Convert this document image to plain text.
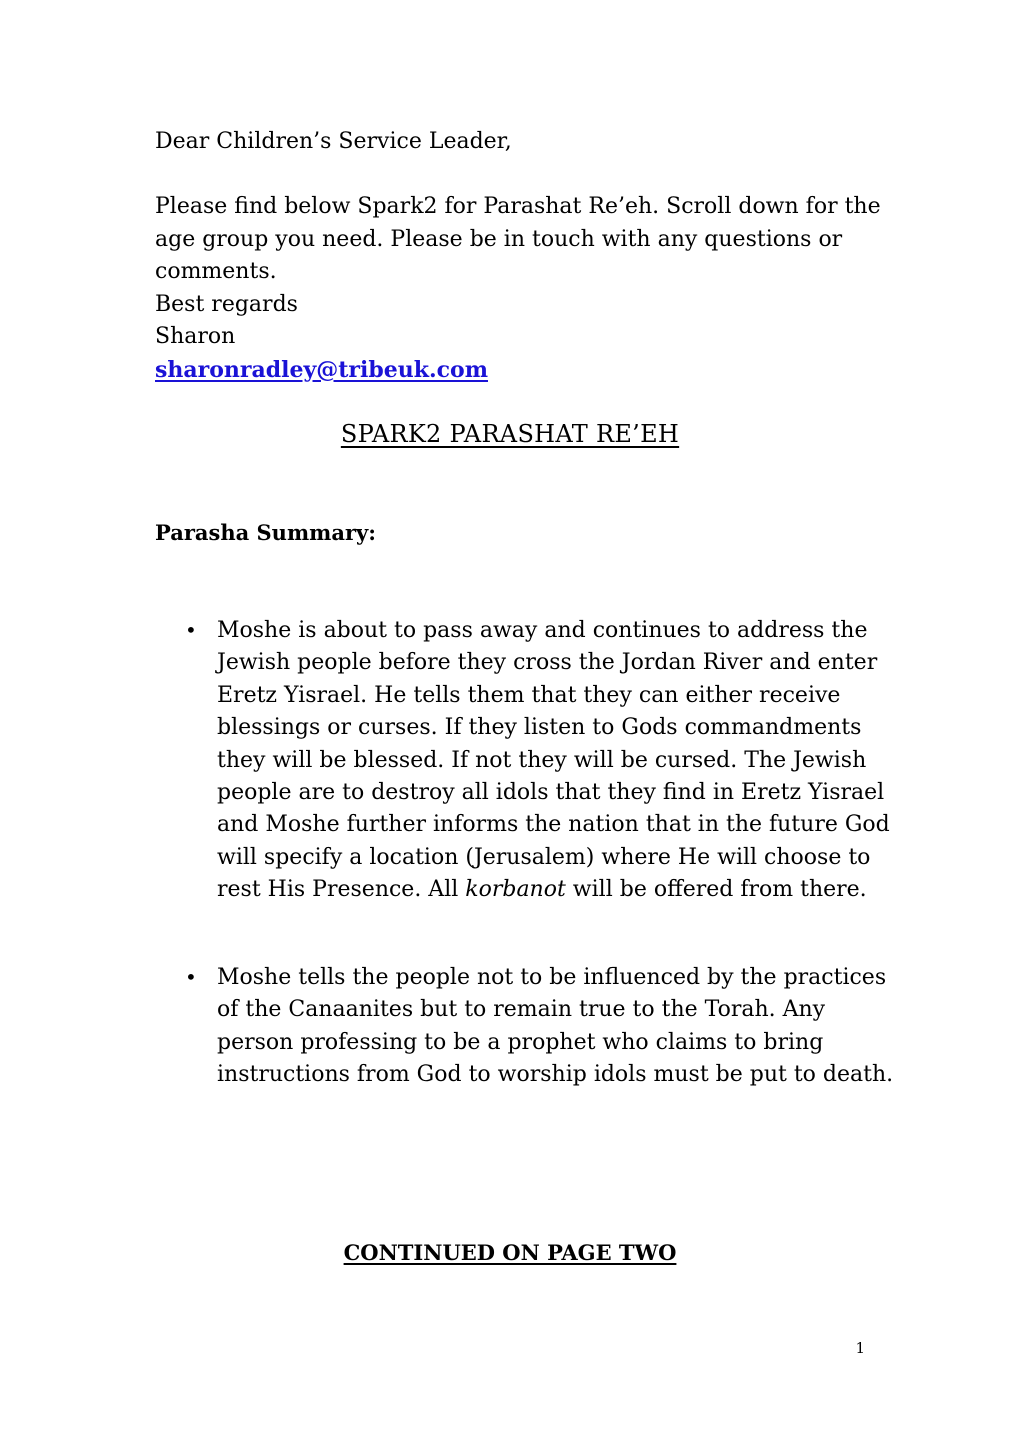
Dear Children’s Service Leader,
Please find below Spark2 for Parashat Re’eh. Scroll down for the
age group you need. Please be in touch with any questions or
comments.
Best regards
Sharon
sharonradley@tribeuk.com
SPARK2 PARASHAT RE’EH
Parasha Summary:
• Moshe is about to pass away and continues to address the
Jewish people before they cross the Jordan River and enter
Eretz Yisrael. He tells them that they can either receive
blessings or curses. If they listen to Gods commandments
they will be blessed. If not they will be cursed. The Jewish
people are to destroy all idols that they find in Eretz Yisrael
and Moshe further informs the nation that in the future God
will specify a location (Jerusalem) where He will choose to
rest His Presence. All korbanot will be offered from there.
• Moshe tells the people not to be influenced by the practices
of the Canaanites but to remain true to the Torah. Any
person professing to be a prophet who claims to bring
instructions from God to worship idols must be put to death.
CONTINUED ON PAGE TWO
1
